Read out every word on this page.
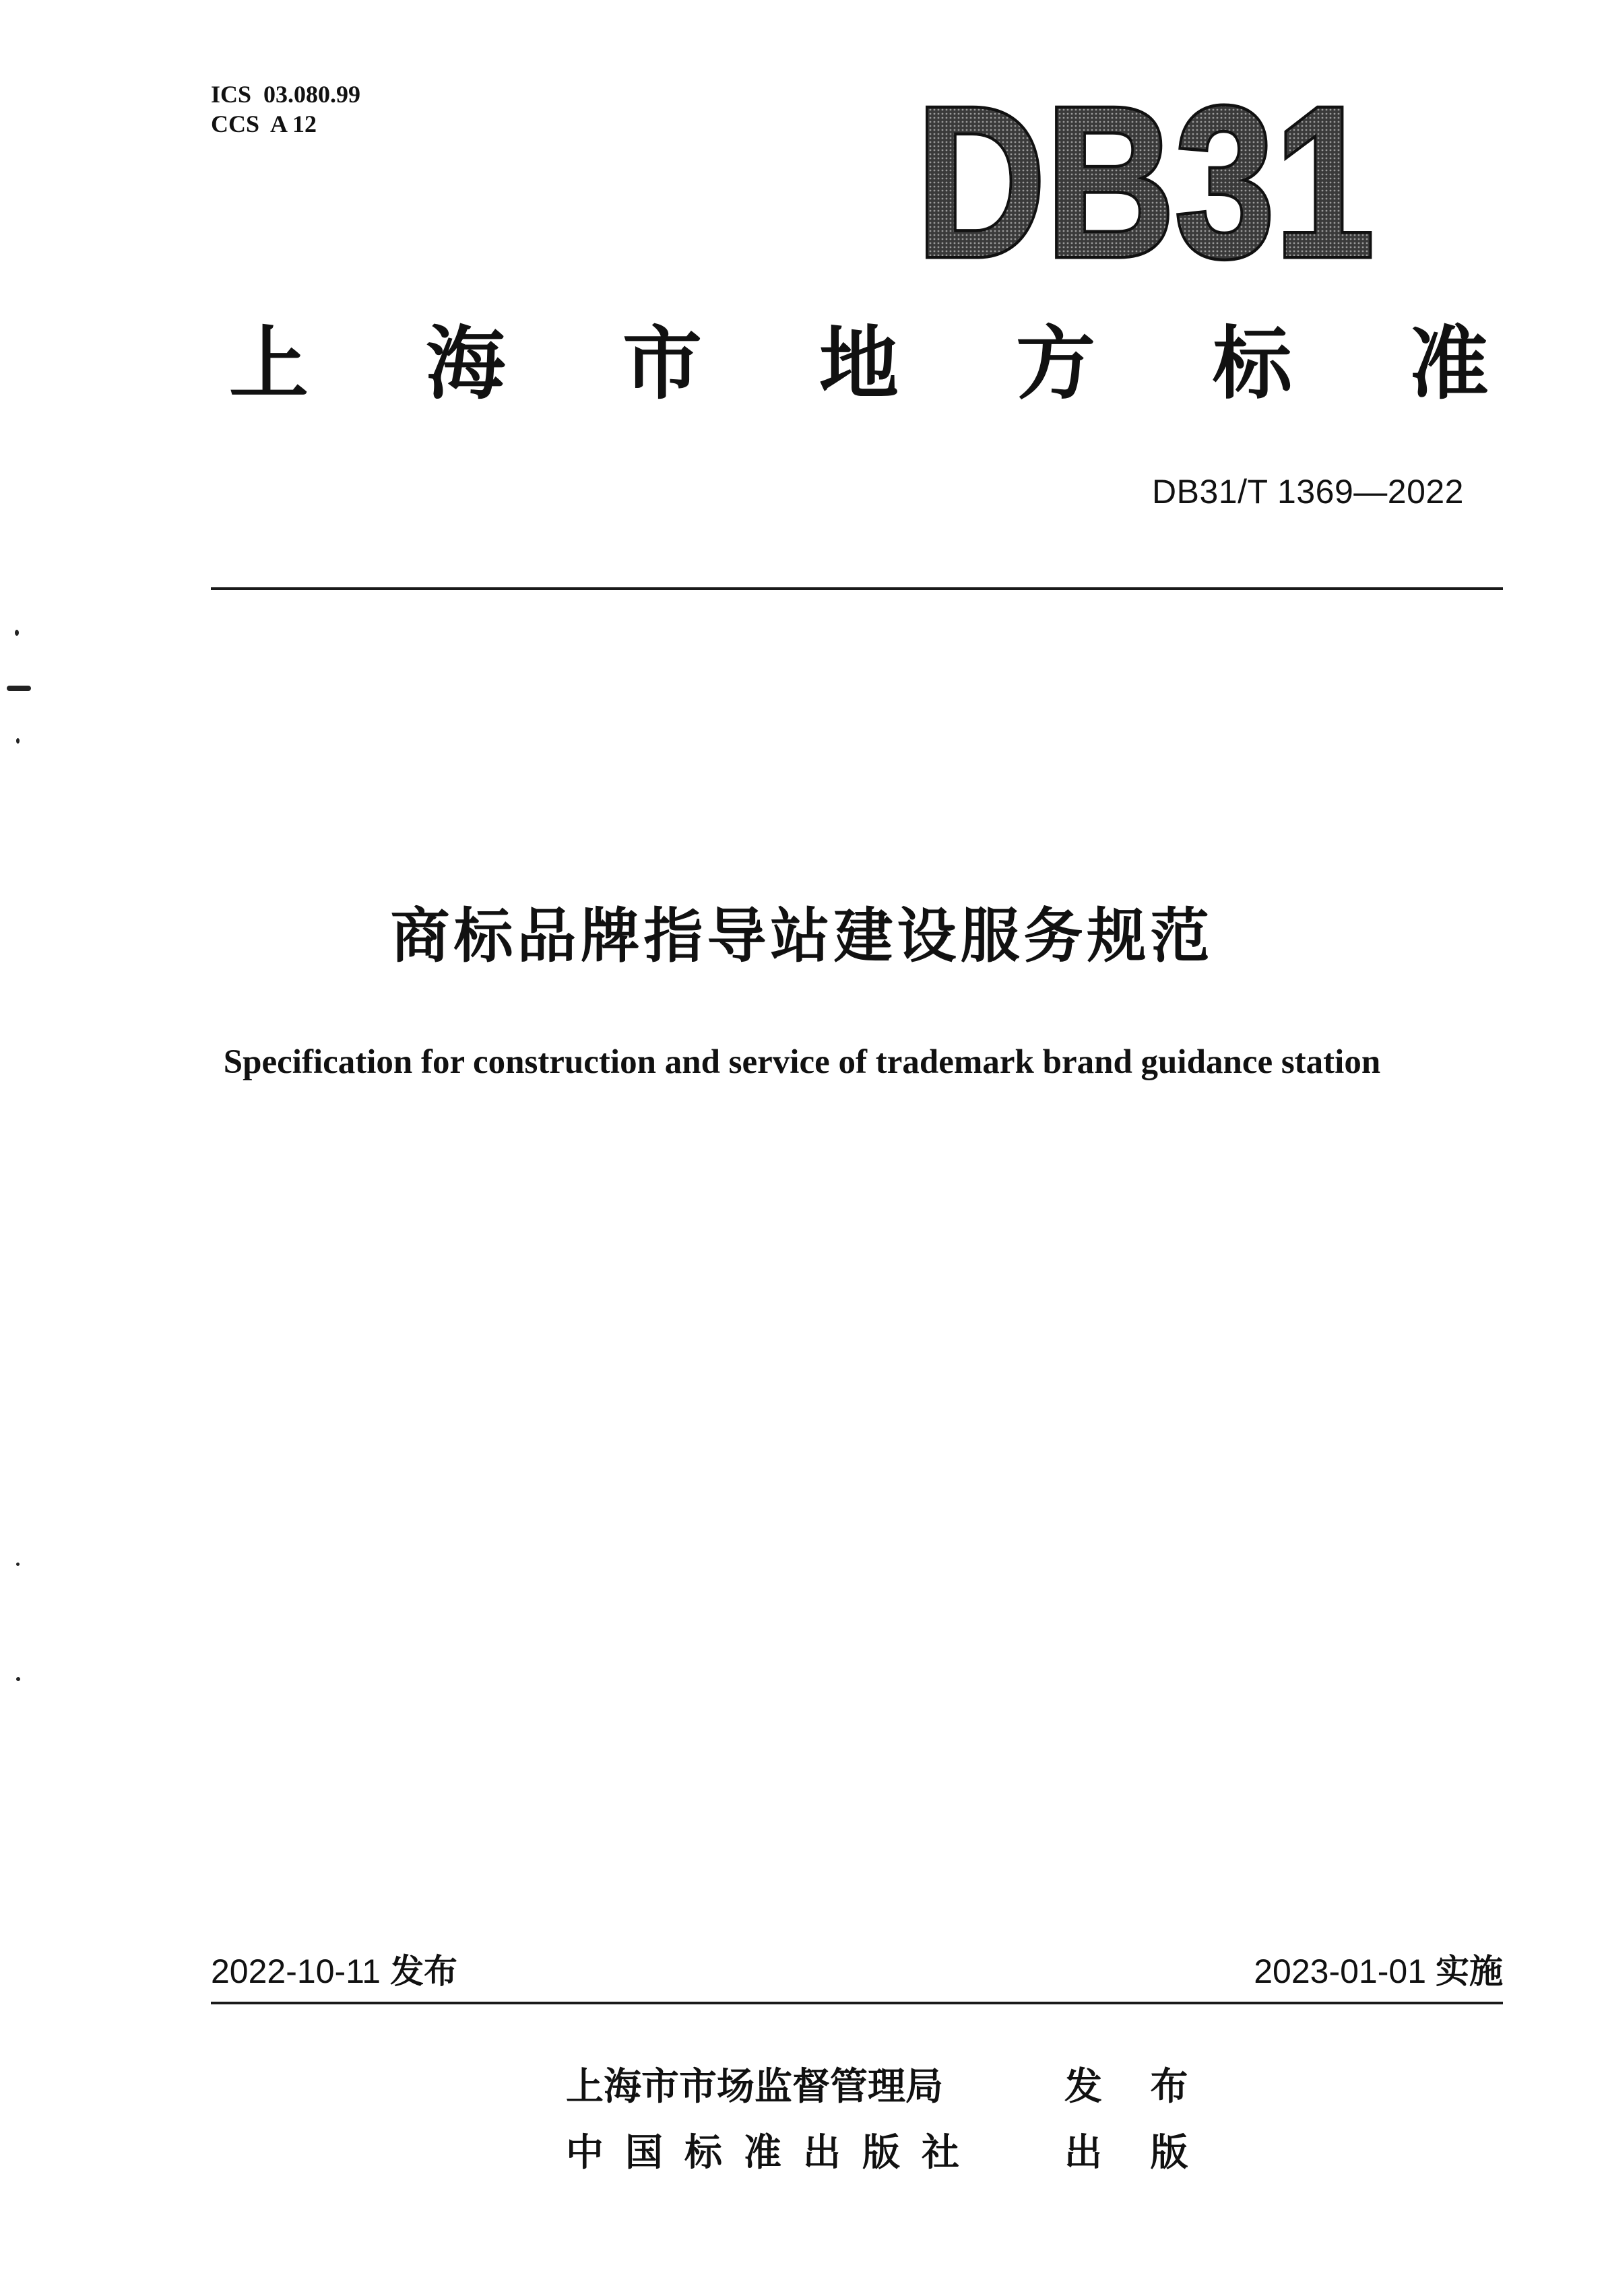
ICS  03.080.99
CCS  A 12	DB31
上 海 市 地 方 标 准
DB31/T 1369—2022
商标品牌指导站建设服务规范
Specification for construction and service of trademark brand guidance station
2022-10-11 发布	2023-01-01 实施
上海市市场监督管理局	发 布
中国标准出版社	出 版
